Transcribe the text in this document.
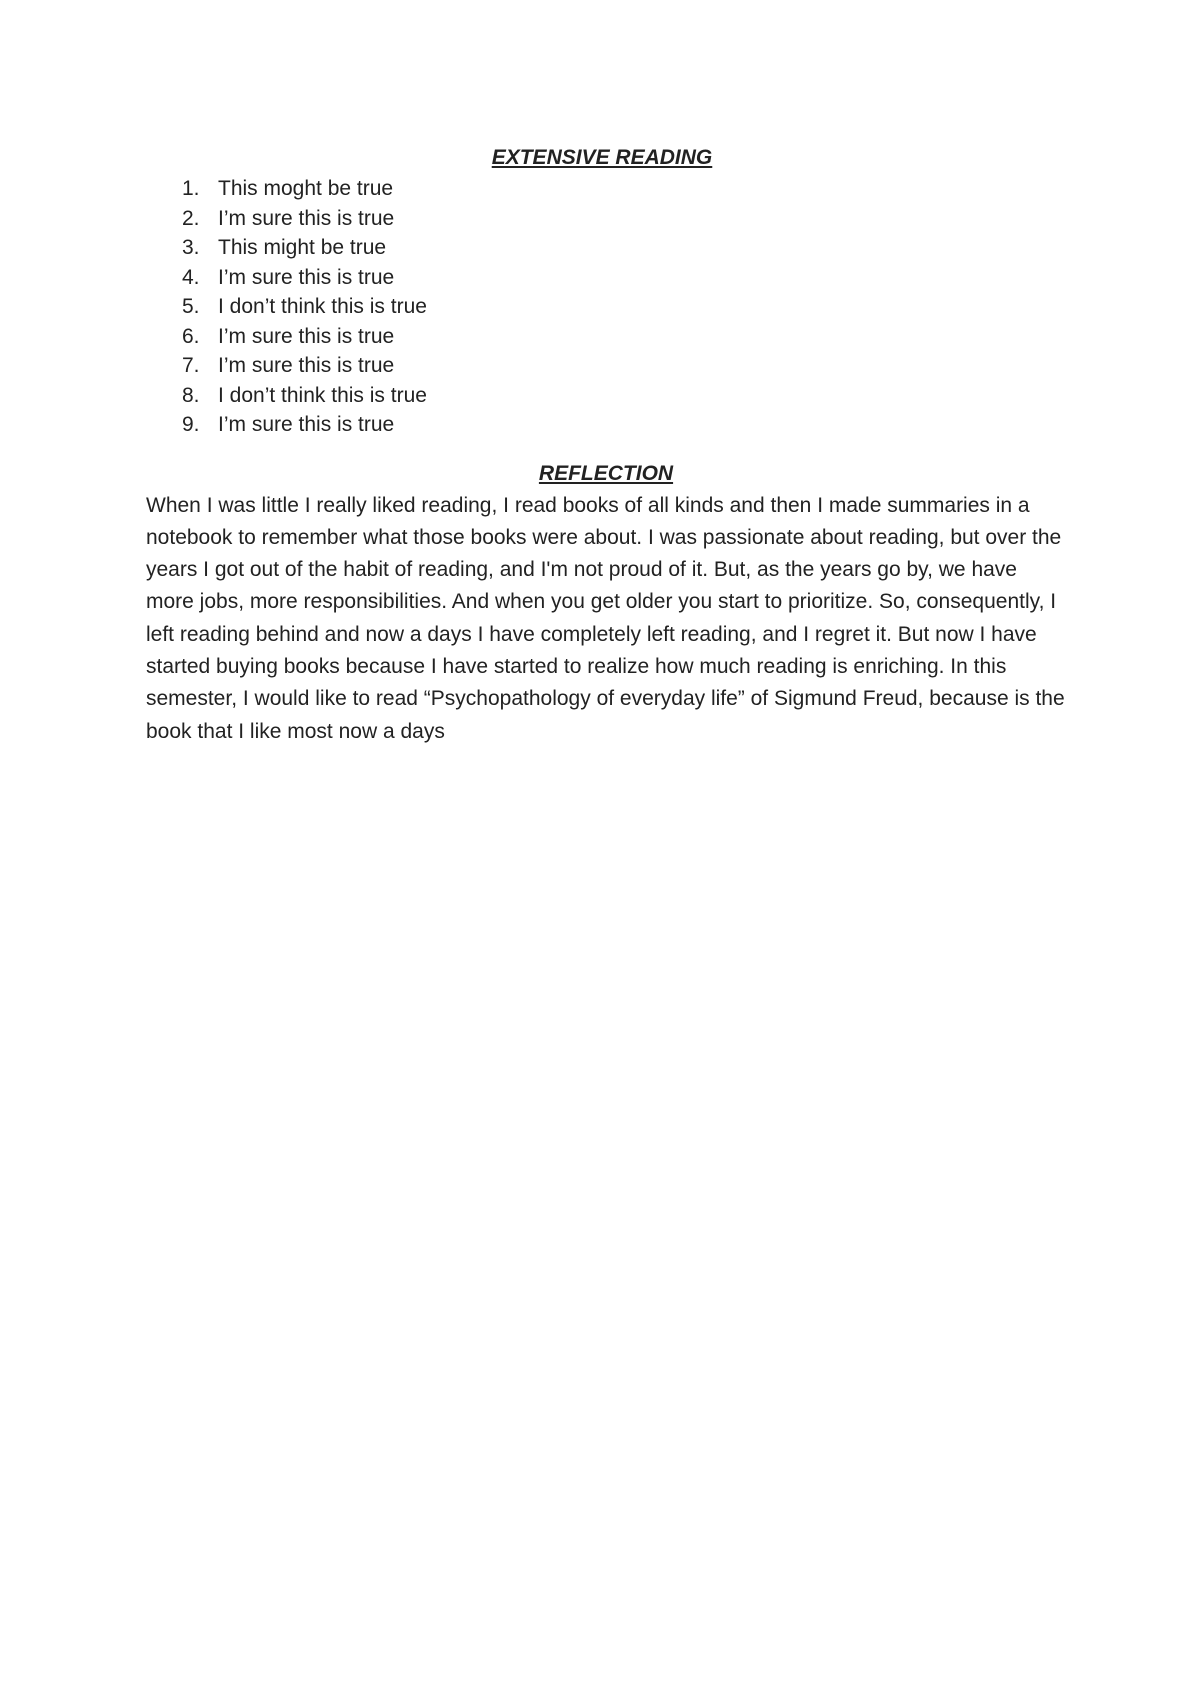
EXTENSIVE READING
1. This moght be true
2. I’m sure this is true
3. This might be true
4. I’m sure this is true
5. I don’t think this is true
6. I’m sure this is true
7. I’m sure this is true
8. I don’t think this is true
9. I’m sure this is true
REFLECTION

When I was little I really liked reading, I read books of all kinds and then I made summaries in a notebook to remember what those books were about. I was passionate about reading, but over the years I got out of the habit of reading, and I'm not proud of it. But, as the years go by, we have more jobs, more responsibilities. And when you get older you start to prioritize. So, consequently, I left reading behind and now a days I have completely left reading, and I regret it. But now I have started buying books because I have started to realize how much reading is enriching. In this semester, I would like to read “Psychopathology of everyday life” of Sigmund Freud, because is the book that I like most now a days
